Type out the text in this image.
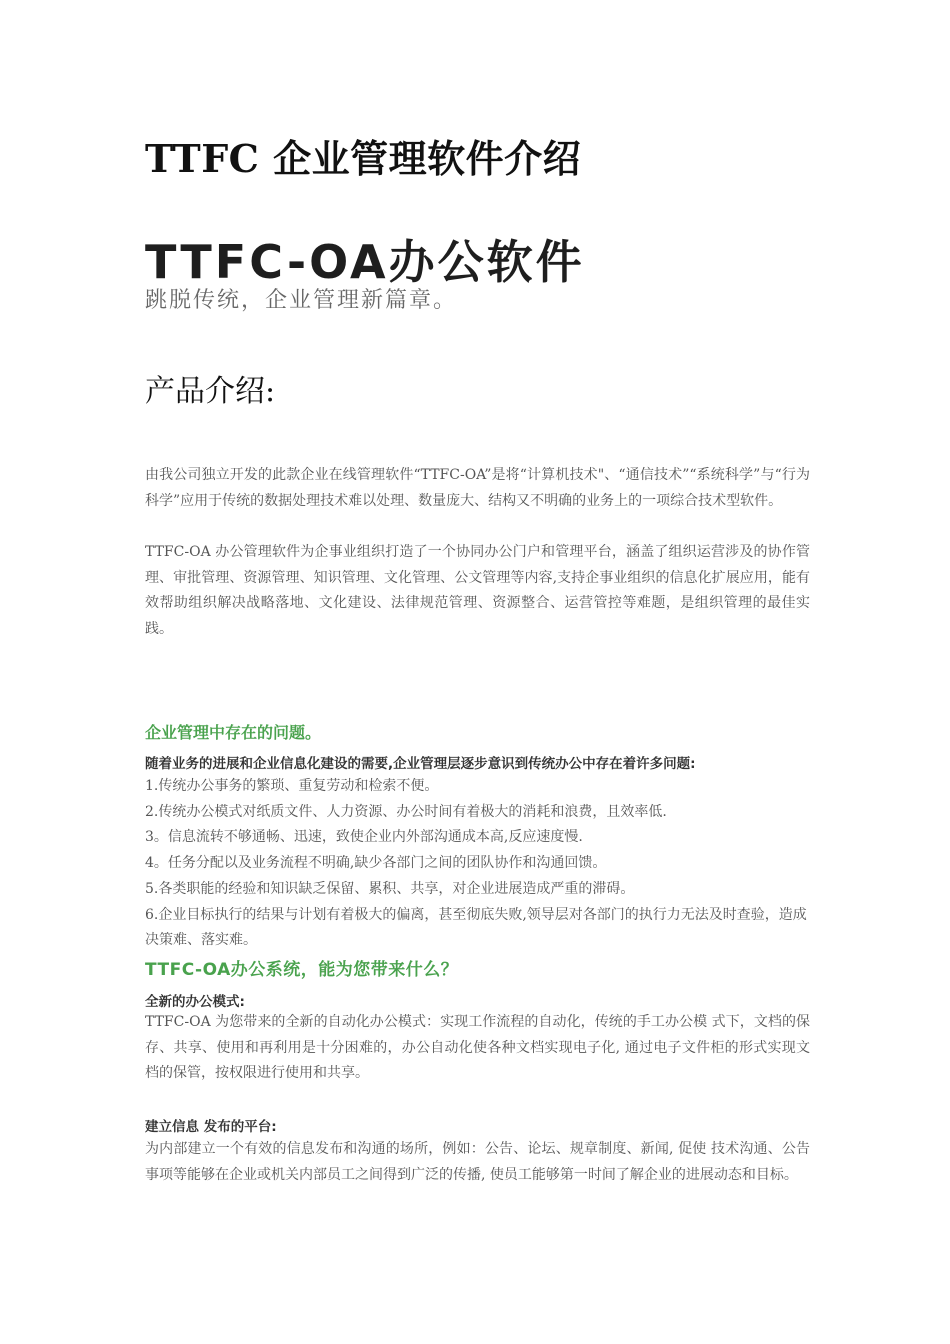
TTFC 企业管理软件介绍
TTFC-OA办公软件
跳脱传统，企业管理新篇章。
产品介绍:
由我公司独立开发的此款企业在线管理软件“TTFC-OA”是将“计算机技术"、“通信技术”“系统科学”与“行为科学”应用于传统的数据处理技术难以处理、数量庞大、结构又不明确的业务上的一项综合技术型软件。
TTFC-OA 办公管理软件为企事业组织打造了一个协同办公门户和管理平台，涵盖了组织运营涉及的协作管理、审批管理、资源管理、知识管理、文化管理、公文管理等内容,支持企事业组织的信息化扩展应用，能有效帮助组织解决战略落地、文化建设、法律规范管理、资源整合、运营管控等难题，是组织管理的最佳实践。
企业管理中存在的问题。
随着业务的进展和企业信息化建设的需要,企业管理层逐步意识到传统办公中存在着许多问题:
1.传统办公事务的繁琐、重复劳动和检索不便。
2.传统办公模式对纸质文件、人力资源、办公时间有着极大的消耗和浪费，且效率低.
3。信息流转不够通畅、迅速，致使企业内外部沟通成本高,反应速度慢.
4。任务分配以及业务流程不明确,缺少各部门之间的团队协作和沟通回馈。
5.各类职能的经验和知识缺乏保留、累积、共享，对企业进展造成严重的滞碍。
6.企业目标执行的结果与计划有着极大的偏离，甚至彻底失败,领导层对各部门的执行力无法及时查验，造成决策难、落实难。
TTFC-OA办公系统，能为您带来什么？
全新的办公模式:
TTFC-OA 为您带来的全新的自动化办公模式：实现工作流程的自动化，传统的手工办公模 式下，文档的保存、共享、使用和再利用是十分困难的，办公自动化使各种文档实现电子化, 通过电子文件柜的形式实现文档的保管，按权限进行使用和共享。
建立信息 发布的平台:
为内部建立一个有效的信息发布和沟通的场所，例如：公告、论坛、规章制度、新闻, 促使 技术沟通、公告事项等能够在企业或机关内部员工之间得到广泛的传播, 使员工能够第一时间了解企业的进展动态和目标。
